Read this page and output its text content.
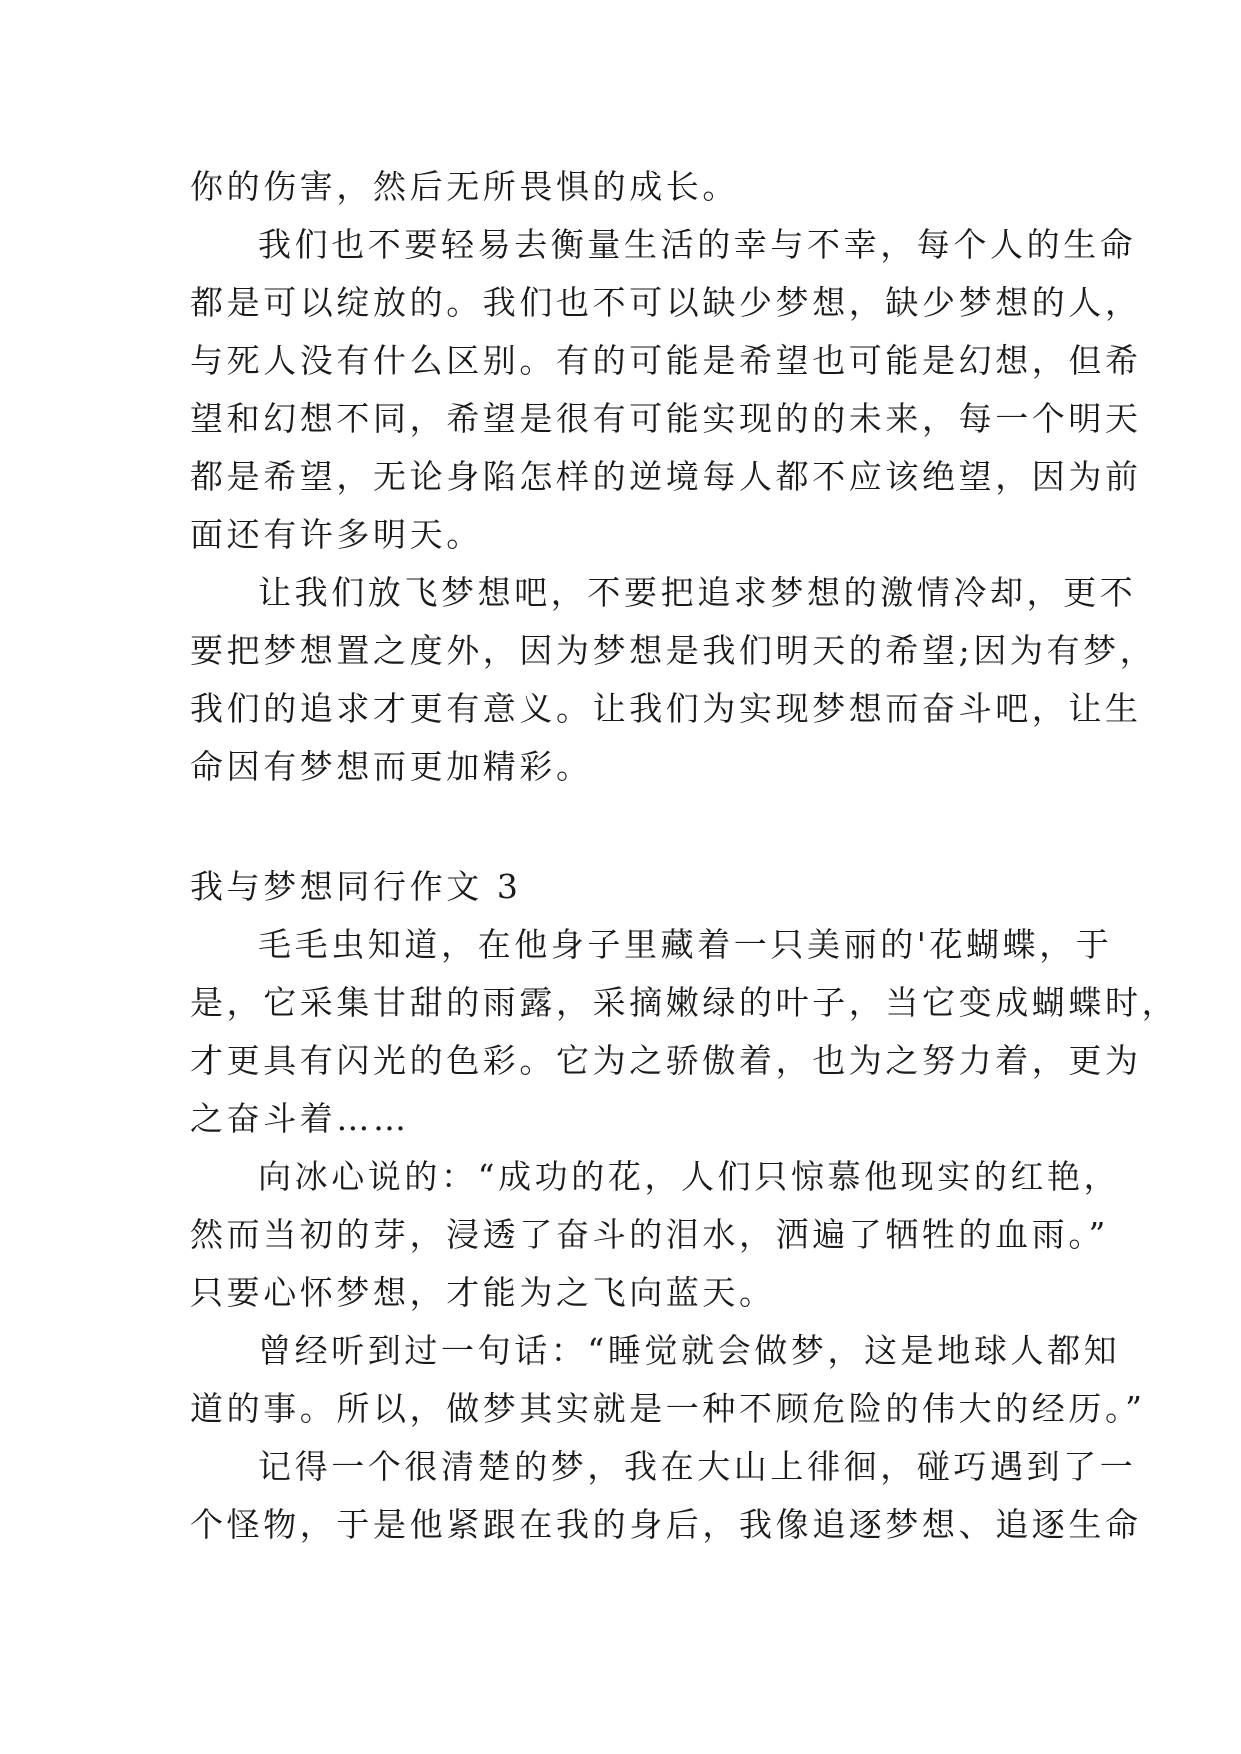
你的伤害，然后无所畏惧的成长。
我们也不要轻易去衡量生活的幸与不幸，每个人的生命
都是可以绽放的。我们也不可以缺少梦想，缺少梦想的人，
与死人没有什么区别。有的可能是希望也可能是幻想，但希
望和幻想不同，希望是很有可能实现的的未来，每一个明天
都是希望，无论身陷怎样的逆境每人都不应该绝望，因为前
面还有许多明天。
让我们放飞梦想吧，不要把追求梦想的激情冷却，更不
要把梦想置之度外，因为梦想是我们明天的希望;因为有梦，
我们的追求才更有意义。让我们为实现梦想而奋斗吧，让生
命因有梦想而更加精彩。
我与梦想同行作文 3
毛毛虫知道，在他身子里藏着一只美丽的'花蝴蝶，于
是，它采集甘甜的雨露，采摘嫩绿的叶子，当它变成蝴蝶时，
才更具有闪光的色彩。它为之骄傲着，也为之努力着，更为
之奋斗着……
向冰心说的：“成功的花，人们只惊慕他现实的红艳，
然而当初的芽，浸透了奋斗的泪水，洒遍了牺牲的血雨。”
只要心怀梦想，才能为之飞向蓝天。
曾经听到过一句话：“睡觉就会做梦，这是地球人都知
道的事。所以，做梦其实就是一种不顾危险的伟大的经历。”
记得一个很清楚的梦，我在大山上徘徊，碰巧遇到了一
个怪物，于是他紧跟在我的身后，我像追逐梦想、追逐生命
